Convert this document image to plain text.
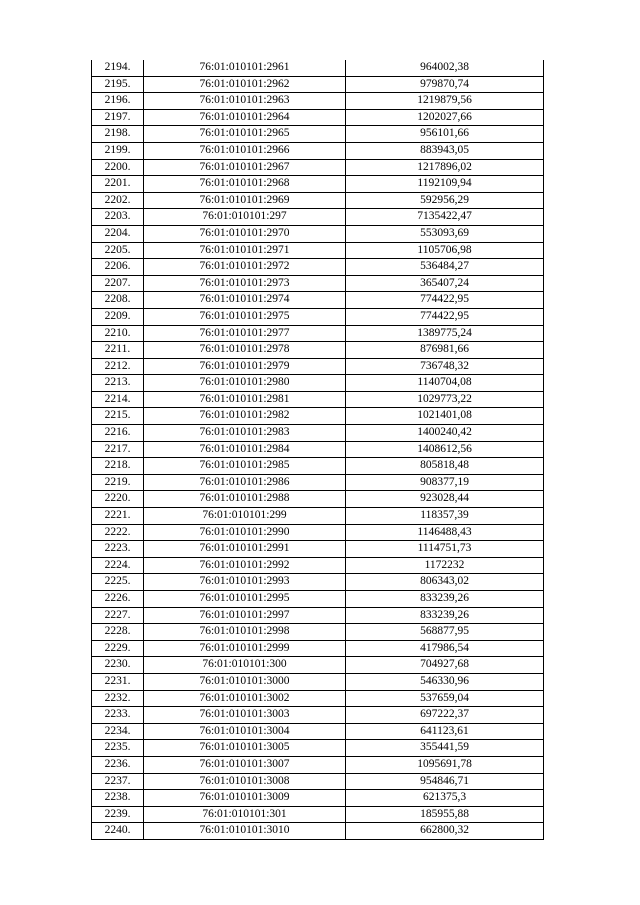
2194.	76:01:010101:2961	964002,38
2195.	76:01:010101:2962	979870,74
2196.	76:01:010101:2963	1219879,56
2197.	76:01:010101:2964	1202027,66
2198.	76:01:010101:2965	956101,66
2199.	76:01:010101:2966	883943,05
2200.	76:01:010101:2967	1217896,02
2201.	76:01:010101:2968	1192109,94
2202.	76:01:010101:2969	592956,29
2203.	76:01:010101:297	7135422,47
2204.	76:01:010101:2970	553093,69
2205.	76:01:010101:2971	1105706,98
2206.	76:01:010101:2972	536484,27
2207.	76:01:010101:2973	365407,24
2208.	76:01:010101:2974	774422,95
2209.	76:01:010101:2975	774422,95
2210.	76:01:010101:2977	1389775,24
2211.	76:01:010101:2978	876981,66
2212.	76:01:010101:2979	736748,32
2213.	76:01:010101:2980	1140704,08
2214.	76:01:010101:2981	1029773,22
2215.	76:01:010101:2982	1021401,08
2216.	76:01:010101:2983	1400240,42
2217.	76:01:010101:2984	1408612,56
2218.	76:01:010101:2985	805818,48
2219.	76:01:010101:2986	908377,19
2220.	76:01:010101:2988	923028,44
2221.	76:01:010101:299	118357,39
2222.	76:01:010101:2990	1146488,43
2223.	76:01:010101:2991	1114751,73
2224.	76:01:010101:2992	1172232
2225.	76:01:010101:2993	806343,02
2226.	76:01:010101:2995	833239,26
2227.	76:01:010101:2997	833239,26
2228.	76:01:010101:2998	568877,95
2229.	76:01:010101:2999	417986,54
2230.	76:01:010101:300	704927,68
2231.	76:01:010101:3000	546330,96
2232.	76:01:010101:3002	537659,04
2233.	76:01:010101:3003	697222,37
2234.	76:01:010101:3004	641123,61
2235.	76:01:010101:3005	355441,59
2236.	76:01:010101:3007	1095691,78
2237.	76:01:010101:3008	954846,71
2238.	76:01:010101:3009	621375,3
2239.	76:01:010101:301	185955,88
2240.	76:01:010101:3010	662800,32
